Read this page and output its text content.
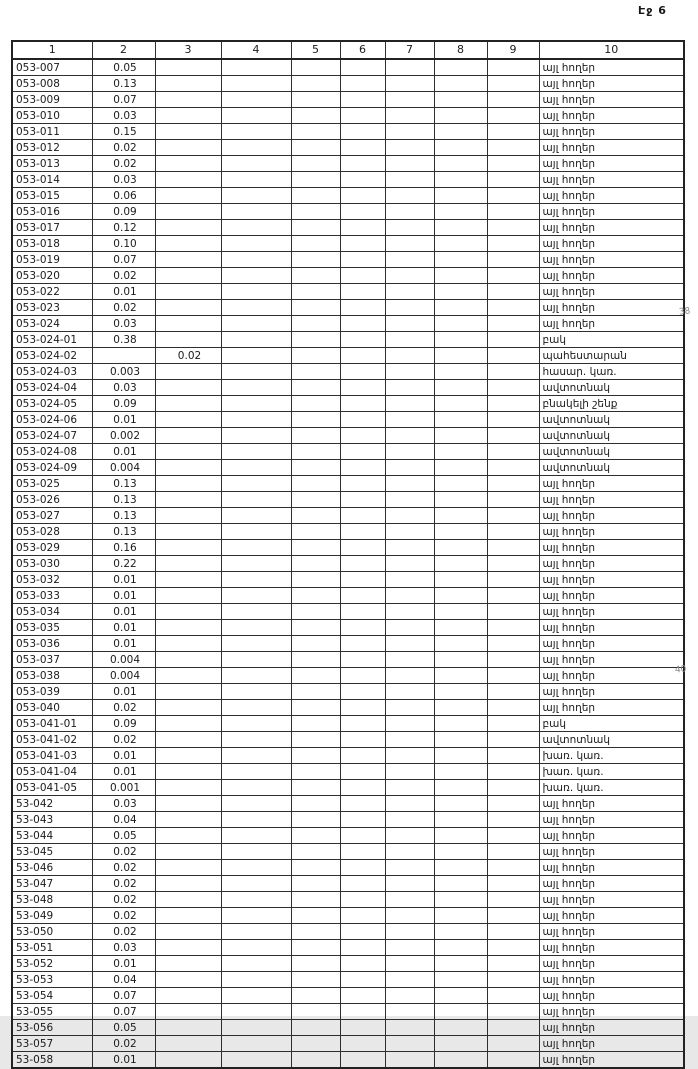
Էջ 6
1	2	3	4	5	6	7	8	9	10
053-007	0.05								այլ հողեր
053-008	0.13								այլ հողեր
053-009	0.07								այլ հողեր
053-010	0.03								այլ հողեր
053-011	0.15								այլ հողեր
053-012	0.02								այլ հողեր
053-013	0.02								այլ հողեր
053-014	0.03								այլ հողեր
053-015	0.06								այլ հողեր
053-016	0.09								այլ հողեր
053-017	0.12								այլ հողեր
053-018	0.10								այլ հողեր
053-019	0.07								այլ հողեր
053-020	0.02								այլ հողեր
053-022	0.01								այլ հողեր
053-023	0.02								այլ հողեր
053-024	0.03								այլ հողեր
053-024-01	0.38								բակ
053-024-02		0.02							պահեստարան
053-024-03	0.003								հասար. կառ.
053-024-04	0.03								ավտոտնակ
053-024-05	0.09								բնակելի շենք
053-024-06	0.01								ավտոտնակ
053-024-07	0.002								ավտոտնակ
053-024-08	0.01								ավտոտնակ
053-024-09	0.004								ավտոտնակ
053-025	0.13								այլ հողեր
053-026	0.13								այլ հողեր
053-027	0.13								այլ հողեր
053-028	0.13								այլ հողեր
053-029	0.16								այլ հողեր
053-030	0.22								այլ հողեր
053-032	0.01								այլ հողեր
053-033	0.01								այլ հողեր
053-034	0.01								այլ հողեր
053-035	0.01								այլ հողեր
053-036	0.01								այլ հողեր
053-037	0.004								այլ հողեր
053-038	0.004								այլ հողեր
053-039	0.01								այլ հողեր
053-040	0.02								այլ հողեր
053-041-01	0.09								բակ
053-041-02	0.02								ավտոտնակ
053-041-03	0.01								խառ. կառ.
053-041-04	0.01								խառ. կառ.
053-041-05	0.001								խառ. կառ.
53-042	0.03								այլ հողեր
53-043	0.04								այլ հողեր
53-044	0.05								այլ հողեր
53-045	0.02								այլ հողեր
53-046	0.02								այլ հողեր
53-047	0.02								այլ հողեր
53-048	0.02								այլ հողեր
53-049	0.02								այլ հողեր
53-050	0.02								այլ հողեր
53-051	0.03								այլ հողեր
53-052	0.01								այլ հողեր
53-053	0.04								այլ հողեր
53-054	0.07								այլ հողեր
53-055	0.07								այլ հողեր
53-056	0.05								այլ հողեր
53-057	0.02								այլ հողեր
53-058	0.01								այլ հողեր
38
40
